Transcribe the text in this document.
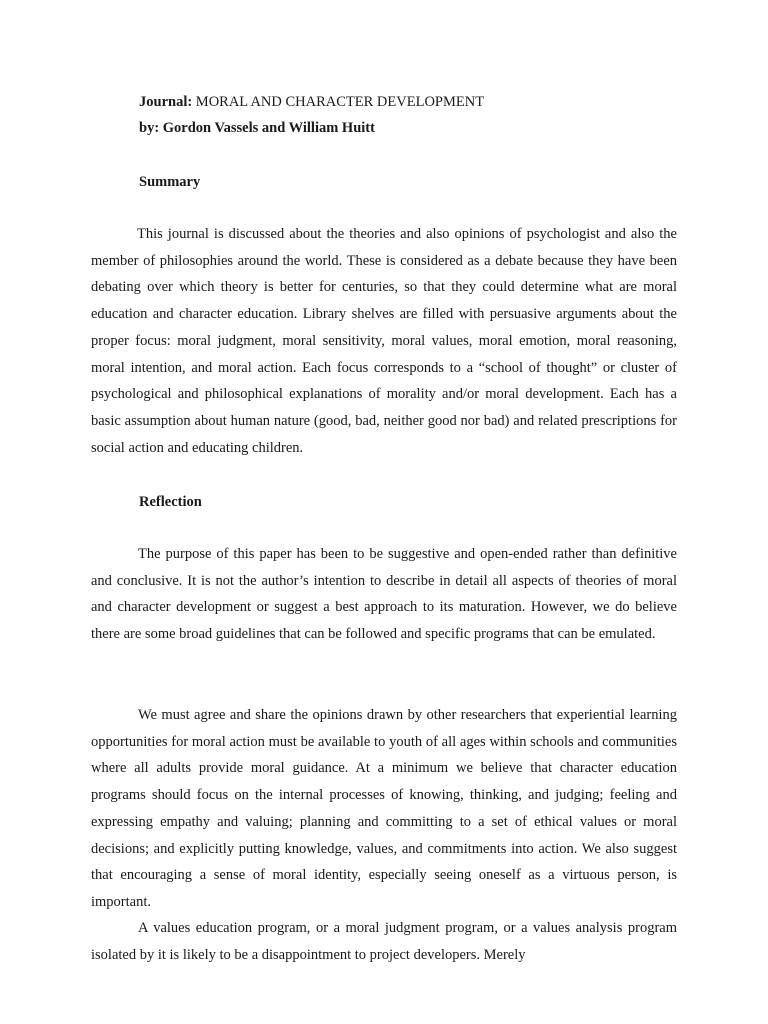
Journal: MORAL AND CHARACTER DEVELOPMENT
by: Gordon Vassels and William Huitt
Summary

This journal is discussed about the theories and also opinions of psychologist and also the member of philosophies around the world. These is considered as a debate because they have been debating over which theory is better for centuries, so that they could determine what are moral education and character education. Library shelves are filled with persuasive arguments about the proper focus: moral judgment, moral sensitivity, moral values, moral emotion, moral reasoning, moral intention, and moral action. Each focus corresponds to a “school of thought” or cluster of psychological and philosophical explanations of morality and/or moral development. Each has a basic assumption about human nature (good, bad, neither good nor bad) and related prescriptions for social action and educating children.

Reflection

The purpose of this paper has been to be suggestive and open-ended rather than definitive and conclusive. It is not the author’s intention to describe in detail all aspects of theories of moral and character development or suggest a best approach to its maturation. However, we do believe there are some broad guidelines that can be followed and specific programs that can be emulated.

We must agree and share the opinions drawn by other researchers that experiential learning opportunities for moral action must be available to youth of all ages within schools and communities where all adults provide moral guidance. At a minimum we believe that character education programs should focus on the internal processes of knowing, thinking, and judging; feeling and expressing empathy and valuing; planning and committing to a set of ethical values or moral decisions; and explicitly putting knowledge, values, and commitments into action. We also suggest that encouraging a sense of moral identity, especially seeing oneself as a virtuous person, is important.

A values education program, or a moral judgment program, or a values analysis program isolated by it is likely to be a disappointment to project developers. Merely
